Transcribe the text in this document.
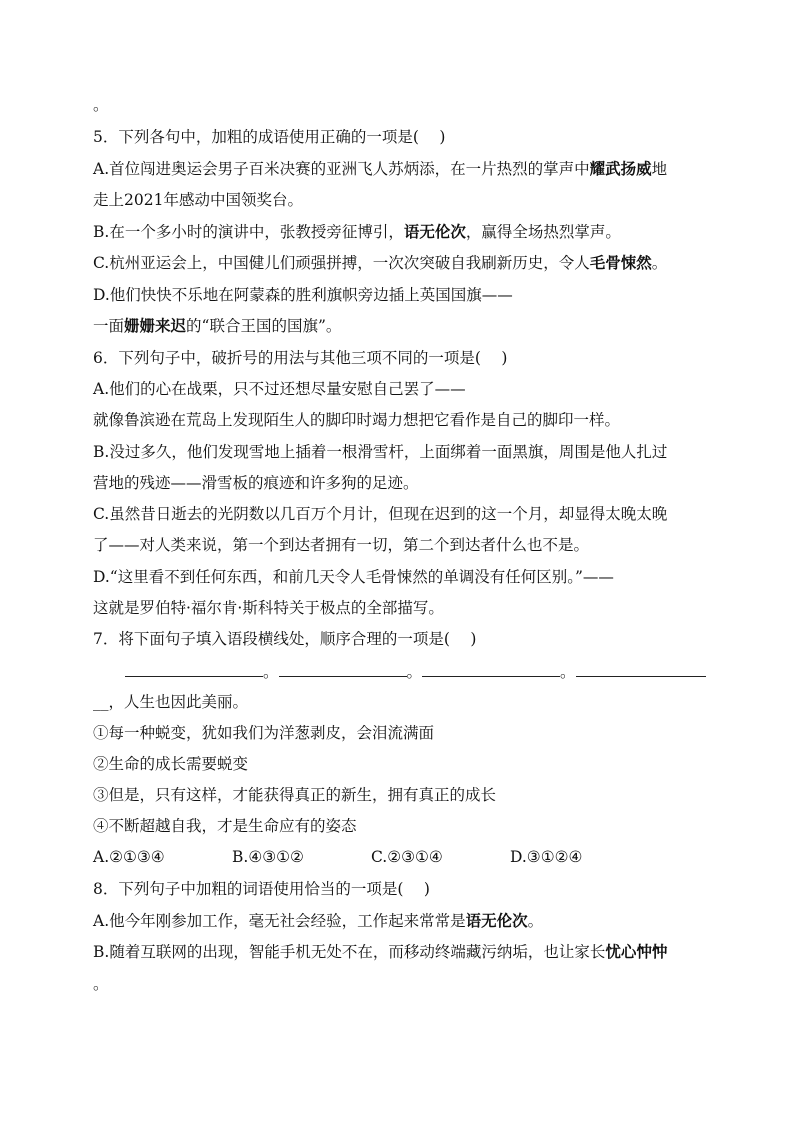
。
5．下列各句中，加粗的成语使用正确的一项是(　 )
A.首位闯进奥运会男子百米决赛的亚洲飞人苏炳添，在一片热烈的掌声中耀武扬威地
走上2021年感动中国领奖台。
B.在一个多小时的演讲中，张教授旁征博引，语无伦次，赢得全场热烈掌声。
C.杭州亚运会上，中国健儿们顽强拼搏，一次次突破自我刷新历史，令人毛骨悚然。
D.他们快快不乐地在阿蒙森的胜利旗帜旁边插上英国国旗——
一面姗姗来迟的“联合王国的国旗”。
6．下列句子中，破折号的用法与其他三项不同的一项是(　 )
A.他们的心在战栗，只不过还想尽量安慰自己罢了——
就像鲁滨逊在荒岛上发现陌生人的脚印时竭力想把它看作是自己的脚印一样。
B.没过多久，他们发现雪地上插着一根滑雪杆，上面绑着一面黑旗，周围是他人扎过
营地的残迹——滑雪板的痕迹和许多狗的足迹。
C.虽然昔日逝去的光阴数以几百万个月计，但现在迟到的这一个月，却显得太晚太晚
了——对人类来说，第一个到达者拥有一切，第二个到达者什么也不是。
D.“这里看不到任何东西，和前几天令人毛骨悚然的单调没有任何区别。”——
这就是罗伯特·福尔肯·斯科特关于极点的全部描写。
7．将下面句子填入语段横线处，顺序合理的一项是(　 )
。	。	。
__，人生也因此美丽。
①每一种蜕变，犹如我们为洋葱剥皮，会泪流满面
②生命的成长需要蜕变
③但是，只有这样，才能获得真正的新生，拥有真正的成长
④不断超越自我，才是生命应有的姿态
A.②①③④	B.④③①②	C.②③①④	D.③①②④
8．下列句子中加粗的词语使用恰当的一项是(　 )
A.他今年刚参加工作，毫无社会经验，工作起来常常是语无伦次。
B.随着互联网的出现，智能手机无处不在，而移动终端藏污纳垢，也让家长忧心忡忡
。
